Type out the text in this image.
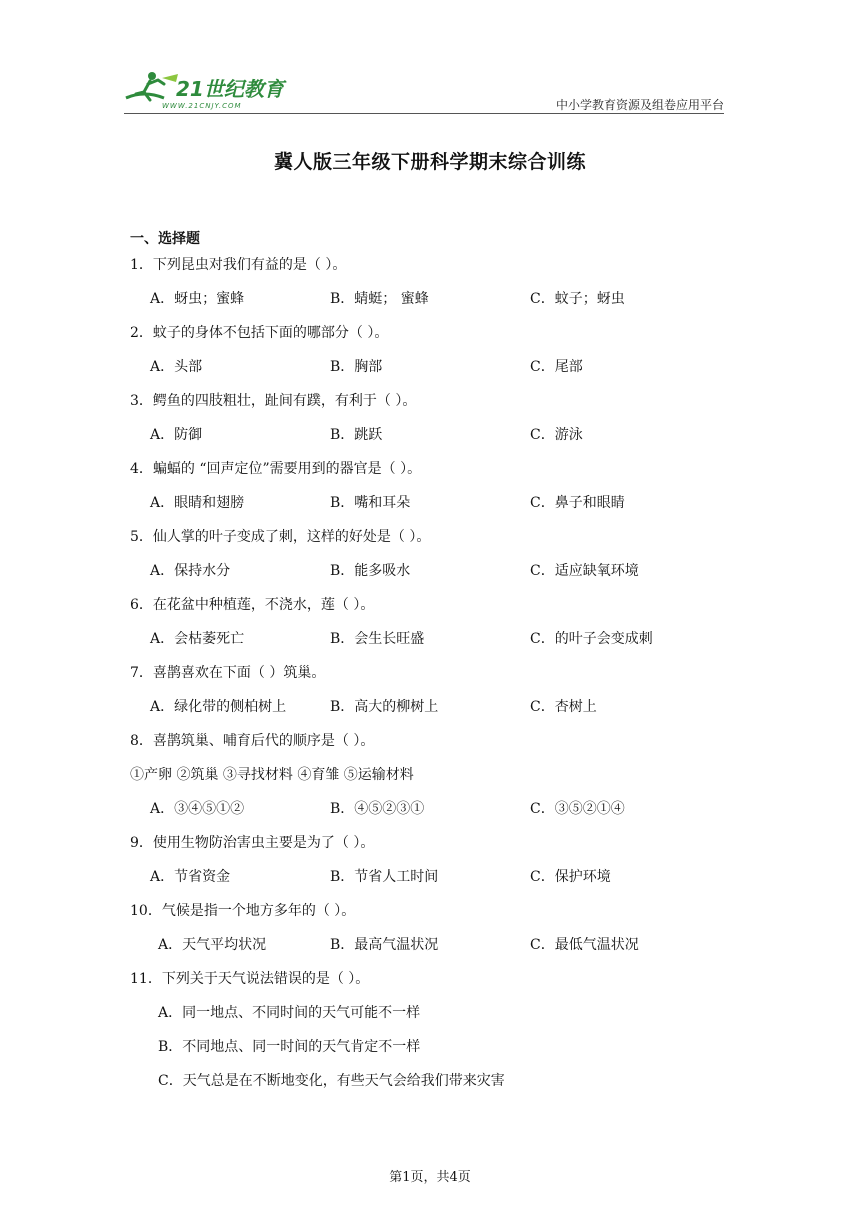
21世纪教育
WWW.21CNJY.COM	中小学教育资源及组卷应用平台
冀人版三年级下册科学期末综合训练
一、选择题
1．下列昆虫对我们有益的是（ ）。
A．蚜虫；蜜蜂	B．蜻蜓； 蜜蜂	C．蚊子；蚜虫
2．蚊子的身体不包括下面的哪部分（ ）。
A．头部	B．胸部	C．尾部
3．鳄鱼的四肢粗壮，趾间有蹼，有利于（ ）。
A．防御	B．跳跃	C．游泳
4．蝙蝠的 “回声定位”需要用到的器官是（ ）。
A．眼睛和翅膀	B．嘴和耳朵	C．鼻子和眼睛
5．仙人掌的叶子变成了刺，这样的好处是（ ）。
A．保持水分	B．能多吸水	C．适应缺氧环境
6．在花盆中种植莲，不浇水，莲（ ）。
A．会枯萎死亡	B．会生长旺盛	C．的叶子会变成刺
7．喜鹊喜欢在下面（ ）筑巢。
A．绿化带的侧柏树上	B．高大的柳树上	C．杏树上
8．喜鹊筑巢、哺育后代的顺序是（ ）。
①产卵 ②筑巢 ③寻找材料 ④育雏 ⑤运输材料
A．③④⑤①②	B．④⑤②③①	C．③⑤②①④
9．使用生物防治害虫主要是为了（ ）。
A．节省资金	B．节省人工时间	C．保护环境
10．气候是指一个地方多年的（ ）。
A．天气平均状况	B．最高气温状况	C．最低气温状况
11．下列关于天气说法错误的是（ ）。
A．同一地点、不同时间的天气可能不一样
B．不同地点、同一时间的天气肯定不一样
C．天气总是在不断地变化，有些天气会给我们带来灾害
第1页，共4页
